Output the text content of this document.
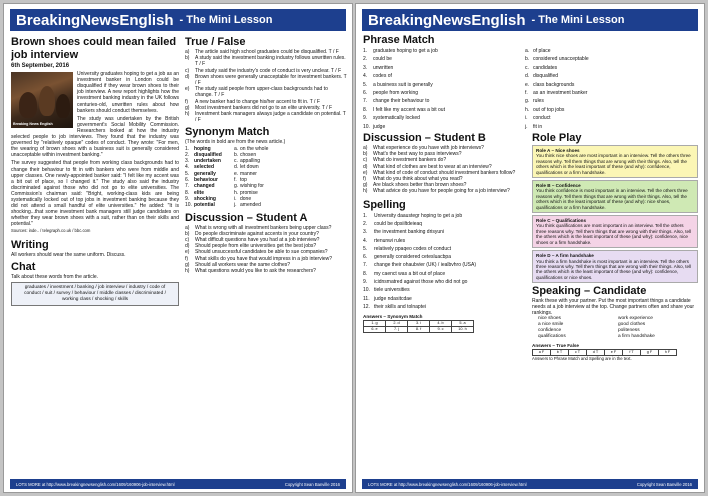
BreakingNewsEnglish - The Mini Lesson
Brown shoes could mean failed job interview
6th September, 2016
Breaking News English
University graduates hoping to get a job as an investment banker in London could be disqualified if they wear brown shoes to their job interview. A new report highlights how the investment banking industry in the UK follows centuries-old, unwritten rules about how bankers should conduct themselves.
The study was undertaken by the British government's Social Mobility Commission. Researchers looked at how the industry selected people to job interviews. They found that the industry was governed by "relatively opaque" codes of conduct. They wrote: "For men, the wearing of brown shoes with a business suit is generally considered unacceptable within investment banking."
The survey suggested that people from working class backgrounds had to change their behaviour to fit in with bankers who were from middle and upper classes. One newly-appointed banker said: "I felt like my accent was a bit out of place, so I changed it." The study also said the industry discriminated against those who did not go to elite universities. The Commission's chairman said: "Bright, working-class kids are being systematically locked out of top jobs in investment banking because they did not attend a small handful of elite universities." He added: "It is shocking...that some investment bank managers still judge candidates on whether they wear brown shoes with a suit, rather than on their skills and potential."
Sources: inde.. / telegraph.co.uk / bbc.com
Writing
All workers should wear the same uniform. Discuss.
Chat
Talk about these words from the article.
graduates / investment / banking / job interview / industry / code of conduct / suit / survey / behaviour / middle classes / discriminated / working class / shocking / skills
True / False
a)	The article said high school graduates could be disqualified. T / F
b)	A study said the investment banking industry follows unwritten rules. T / F
c)	The study said the industry's code of conduct is very unclear. T / F
d)	Brown shoes were generally unacceptable for investment bankers. T / F
e)	The study said people from upper-class backgrounds had to change. T / F
f)	A new banker had to change his/her accent to fit in. T / F
g)	Most investment bankers did not go to an elite university. T / F
h)	Investment bank managers always judge a candidate on potential. T / F
Synonym Match
(The words in bold are from the news article.)
1. hoping	a. on the whole
2. disqualified	b. chosen
3. undertaken	c. appalling
4. selected	d. let down
5. generally	e. manner
6. behaviour	f. top
7. changed	g. wishing for
8. elite	h. promise
9. shocking	i. done
10. potential	j. amended
Discussion – Student A
a)	What is wrong with all investment bankers being upper class?
b)	Do people discriminate against accents in your country?
c)	What difficult questions have you had at a job interview?
d)	Should people from elite universities get the best jobs?
e)	Should unsuccessful candidates be able to sue companies?
f)	What skills do you have that would impress in a job interview?
g)	Should all workers wear the same clothes?
h)	What questions would you like to ask the researchers?
LOTS MORE at http://www.breakingnewsenglish.com/1609/160906-job-interview.html	Copyright Sean Banville 2016
BreakingNewsEnglish - The Mini Lesson
Phrase Match
1.	graduates hoping to get a job	a. of place
2.	could be	b. considered unacceptable
3.	unwritten	c. candidates
4.	codes of	d. disqualified
5.	a business suit is generally	e. class backgrounds
6.	people from working	f.	as an investment banker
7.	change their behaviour to	g. rules
8.	I felt like my accent was a bit out	h. out of top jobs
9.	systematically locked	i.	conduct
10. judge	j.	fit in
Discussion – Student B
a)	What experience do you have with job interviews?
b)	What's the best way to pass interviews?
c)	What do investment bankers do?
d)	What kind of clothes are best to wear at an interview?
e)	What kind of code of conduct should investment bankers follow?
f)	What do you think about what you read?
g)	Are black shoes better than brown shoes?
h)	What advice do you have for people going for a job interview?
Spelling
1.	University daaustegr hoping to get a job
2.	could be dpsiiltdeieaq
3.	the investment banking drisyuni
4.	rtenunwi rules
5.	relatively ppaqeo codes of conduct
6.	generally considered cetesluacbpa
7.	change their ohaubvier (UK) / iealbvhro (USA)
8.	my caenct was a bit out of place
9.	icidnsmatred against those who did not go
10. tiele universities
11. judge ndasitcdae
12. their skills and tolnaptei
Answers – Synonym Match
1. g	2. d	3. i	4. b	5. a
6. e	7. j	8. f	9. c	10. h
Role Play
Role A – Nice shoes
You think nice shoes are most important in an interview. Tell the others three reasons why. Tell them things that are wrong with their things. Also, tell the others which is the least important of these (and why): confidence, qualifications or a firm handshake.
Role B – Confidence
You think confidence is most important in an interview. Tell the others three reasons why. Tell them things that are wrong with their things. Also, tell the others which is the least important of these (and why): nice shoes, qualifications or a firm handshake.
Role C – Qualifications
You think qualifications are most important in an interview. Tell the others three reasons why. Tell them things that are wrong with their things. Also, tell the others which is the least important of these (and why): confidence, nice shoes or a firm handshake.
Role D – A firm handshake
You think a firm handshake is most important in an interview. Tell the others three reasons why. Tell them things that are wrong with their things. Also, tell the others which is the least important of these (and why): confidence, qualifications or nice shoes.
Speaking – Candidate
Rank these with your partner. Put the most important things a candidate needs at a job interview at the top. Change partners often and share your rankings.
nice shoes	work experience
a nice smile	good clothes
confidence	politeness
qualifications	a firm handshake
Answers – True False
a F	b T	c T	d T	e F	f T	g F	h F
Answers to Phrase Match and Spelling are in the text.
LOTS MORE at http://www.breakingnewsenglish.com/1609/160906-job-interview.html	Copyright Sean Banville 2016
